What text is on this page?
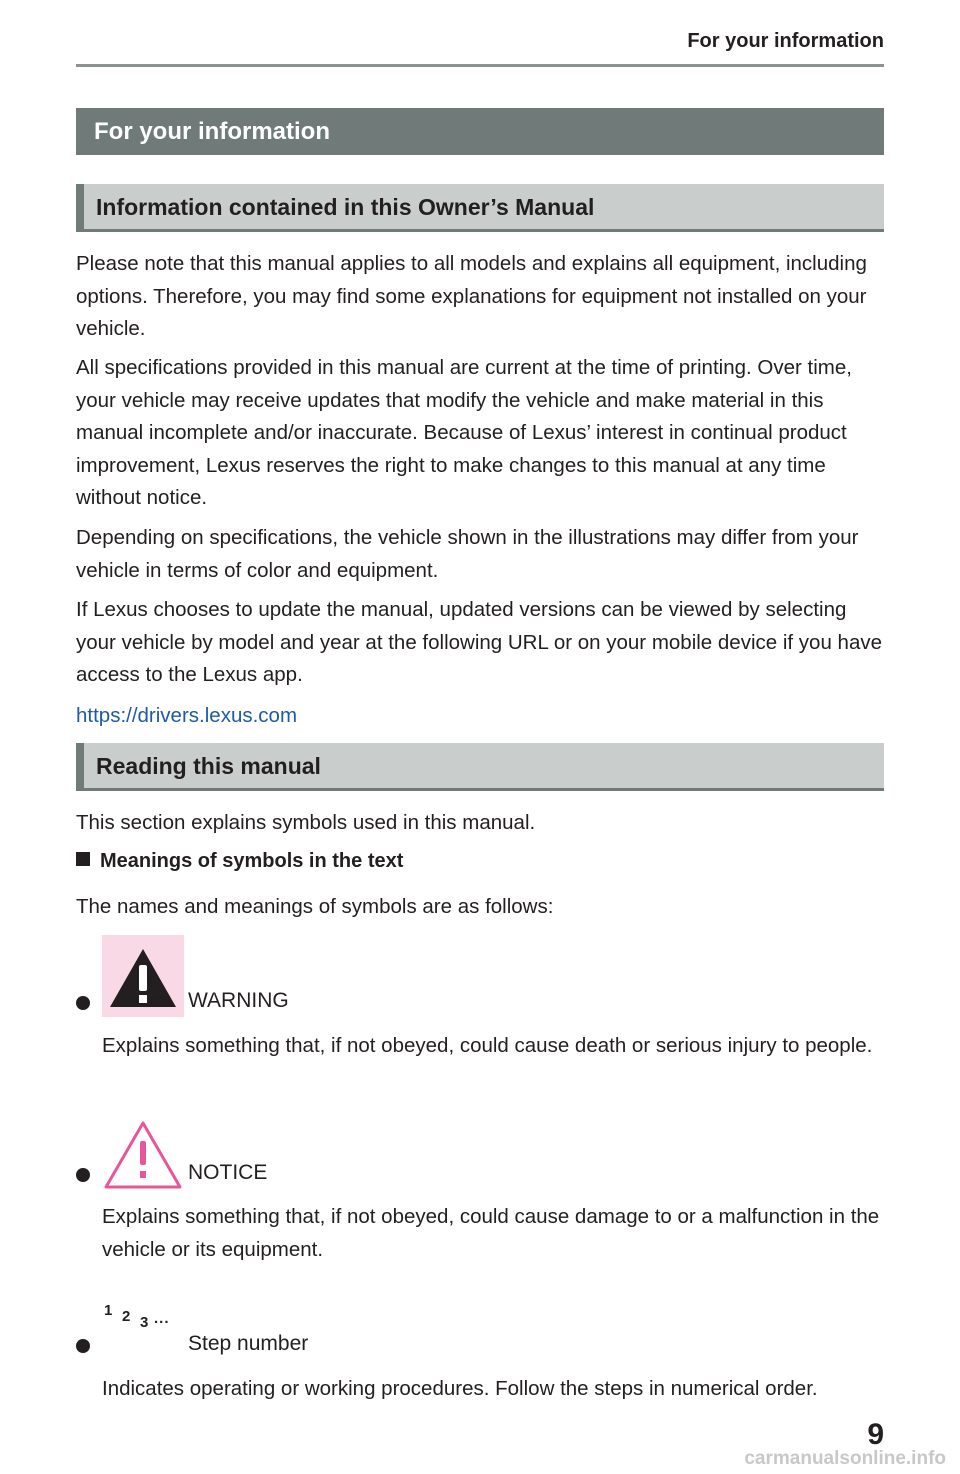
For your information
For your information
Information contained in this Owner’s Manual

Please note that this manual applies to all models and explains all equipment, including options. Therefore, you may find some explanations for equipment not installed on your vehicle.

All specifications provided in this manual are current at the time of printing. Over time, your vehicle may receive updates that modify the vehicle and make material in this manual incomplete and/or inaccurate. Because of Lexus’ interest in continual product improvement, Lexus reserves the right to make changes to this manual at any time without notice.

Depending on specifications, the vehicle shown in the illustrations may differ from your vehicle in terms of color and equipment.

If Lexus chooses to update the manual, updated versions can be viewed by selecting your vehicle by model and year at the following URL or on your mobile device if you have access to the Lexus app.

https://drivers.lexus.com

Reading this manual

This section explains symbols used in this manual.

Meanings of symbols in the text

The names and meanings of symbols are as follows:

WARNING

Explains something that, if not obeyed, could cause death or serious injury to people.

NOTICE

Explains something that, if not obeyed, could cause damage to or a malfunction in the vehicle or its equipment.

1 2 3 ...
Step number

Indicates operating or working procedures. Follow the steps in numerical order.

9
carmanualsonline.info
